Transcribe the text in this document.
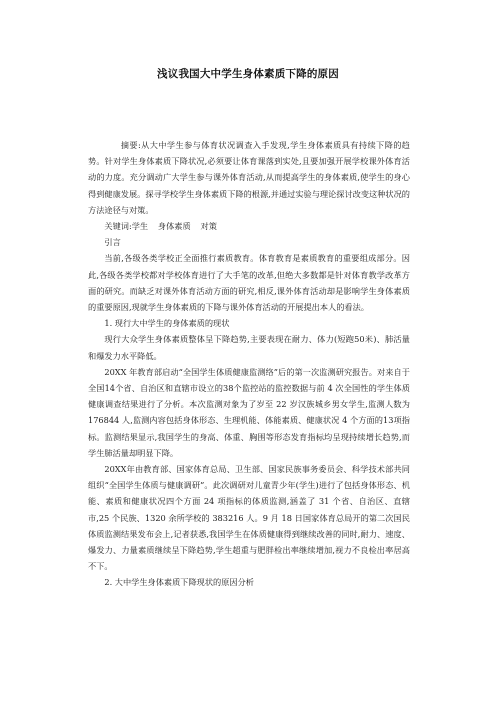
浅议我国大中学生身体素质下降的原因

摘要:从大中学生参与体育状况调查入手发现,学生身体素质具有持续下降的趋势。针对学生身体素质下降状况,必须要让体育课落到实处,且要加强开展学校课外体育活动的力度。充分调动广大学生参与课外体育活动,从而提高学生的身体素质,使学生的身心得到健康发展。探寻学校学生身体素质下降的根源,并通过实验与理论探讨改变这种状况的方法途径与对策。

关键词:学生 身体素质 对策

引言

当前,各级各类学校正全面推行素质教育。体育教育是素质教育的重要组成部分。因此,各级各类学校都对学校体育进行了大手笔的改革,但绝大多数都是针对体育教学改革方面的研究。而缺乏对课外体育活动方面的研究,相反,课外体育活动却是影响学生身体素质的重要原因,现就学生身体素质的下降与课外体育活动的开展提出本人的看法。

1. 现行大中学生的身体素质的现状

现行大众学生身体素质整体呈下降趋势,主要表现在耐力、体力(短跑50米)、肺活量和爆发力水平降低。

20XX 年教育部启动“全国学生体质健康监测络”后的第一次监测研究报告。对来自于全国14个省、自治区和直辖市设立的38个监控站的监控数据与前 4 次全国性的学生体质健康调查结果进行了分析。本次监测对象为了岁至 22 岁汉族城乡男女学生,监测人数为 176844 人,监测内容包括身体形态、生理机能、体能素质、健康状况 4 个方面的13项指标。监测结果显示,我国学生的身高、体重、胸围等形态发育指标均呈现持续增长趋势,而学生肺活量却明显下降。

20XX年由教育部、国家体育总局、卫生部、国家民族事务委员会、科学技术部共同组织“全国学生体质与健康调研”。此次调研对儿童青少年(学生)进行了包括身体形态、机能、素质和健康状况四个方面 24 项指标的体质监测,涵盖了 31 个省、自治区、直辖市,25 个民族、1320 余所学校的 383216 人。9 月 18 日国家体育总局开的第二次国民体质监测结果发布会上,记者获悉,我国学生在体质健康得到继续改善的同时,耐力、速度、爆发力、力量素质继续呈下降趋势,学生超重与肥胖检出率继续增加,视力不良检出率居高不下。

2. 大中学生身体素质下降现状的原因分析
